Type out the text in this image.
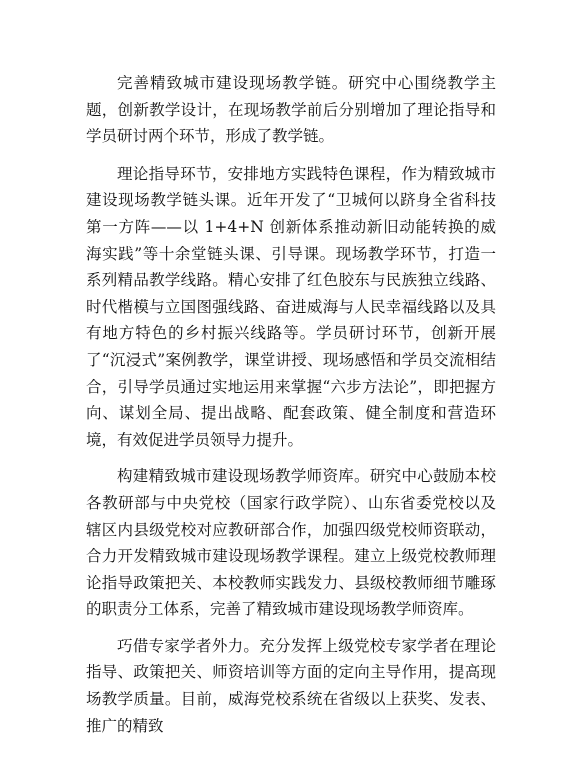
完善精致城市建设现场教学链。研究中心围绕教学主题，创新教学设计，在现场教学前后分别增加了理论指导和学员研讨两个环节，形成了教学链。

理论指导环节，安排地方实践特色课程，作为精致城市建设现场教学链头课。近年开发了“卫城何以跻身全省科技第一方阵——以 1+4+N 创新体系推动新旧动能转换的威海实践”等十余堂链头课、引导课。现场教学环节，打造一系列精品教学线路。精心安排了红色胶东与民族独立线路、时代楷模与立国图强线路、奋进威海与人民幸福线路以及具有地方特色的乡村振兴线路等。学员研讨环节，创新开展了“沉浸式”案例教学，课堂讲授、现场感悟和学员交流相结合，引导学员通过实地运用来掌握“六步方法论”，即把握方向、谋划全局、提出战略、配套政策、健全制度和营造环境，有效促进学员领导力提升。

构建精致城市建设现场教学师资库。研究中心鼓励本校各教研部与中央党校（国家行政学院）、山东省委党校以及辖区内县级党校对应教研部合作，加强四级党校师资联动，合力开发精致城市建设现场教学课程。建立上级党校教师理论指导政策把关、本校教师实践发力、县级校教师细节雕琢的职责分工体系，完善了精致城市建设现场教学师资库。

巧借专家学者外力。充分发挥上级党校专家学者在理论指导、政策把关、师资培训等方面的定向主导作用，提高现场教学质量。目前，威海党校系统在省级以上获奖、发表、推广的精致
